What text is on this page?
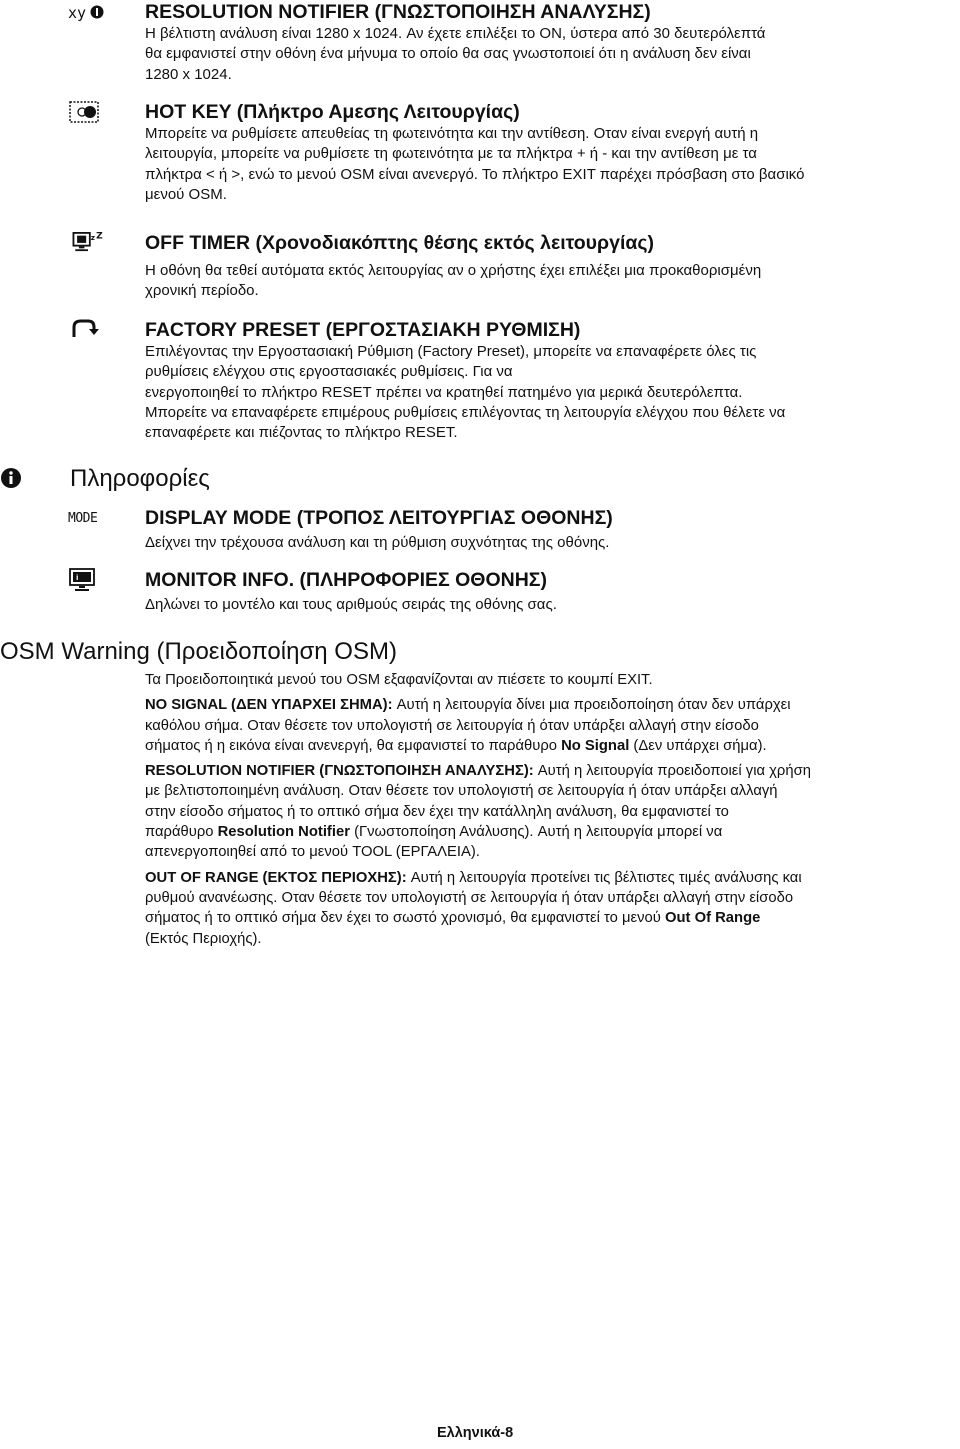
xy	RESOLUTION NOTIFIER (ΓΝΩΣΤΟΠΟΙΗΣΗ ΑΝΑΛΥΣΗΣ)

Η βέλτιστη ανάλυση είναι 1280 x 1024. Αν έχετε επιλέξει το ON, ύστερα από 30 δευτερόλεπτά

θα εμφανιστεί στην οθόνη ένα μήνυμα το οποίο θα σας γνωστοποιεί ότι η ανάλυση δεν είναι

1280 x 1024.

HOT KEY (Πλήκτρο Αμεσης Λειτουργίας)

Μπορείτε να ρυθμίσετε απευθείας τη φωτεινότητα και την αντίθεση. Οταν είναι ενεργή αυτή η

λειτουργία, μπορείτε να ρυθμίσετε τη φωτεινότητα με τα πλήκτρα + ή - και την αντίθεση με τα

πλήκτρα < ή >, ενώ το μενού OSM είναι ανενεργό. Το πλήκτρο EXIT παρέχει πρόσβαση στο βασικό

μενού OSM.

z Z OFF TIMER (Χρονοδιακόπτης θέσης εκτός λειτουργίας)

Η οθόνη θα τεθεί αυτόματα εκτός λειτουργίας αν ο χρήστης έχει επιλέξει μια προκαθορισμένη

χρονική περίοδο.

FACTORY PRESET (ΕΡΓΟΣΤΑΣΙΑΚΗ ΡΥΘΜΙΣΗ)

Επιλέγοντας την Εργοστασιακή Ρύθμιση (Factory Preset), μπορείτε να επαναφέρετε όλες τις

ρυθμίσεις ελέγχου στις εργοστασιακές ρυθμίσεις. Για να

ενεργοποιηθεί το πλήκτρο RESET πρέπει να κρατηθεί πατημένο για μερικά δευτερόλεπτα.

Μπορείτε να επαναφέρετε επιμέρους ρυθμίσεις επιλέγοντας τη λειτουργία ελέγχου που θέλετε να

επαναφέρετε και πιέζοντας το πλήκτρο RESET.

Πληροφορίες
MODE DISPLAY MODE (ΤΡΟΠΟΣ ΛΕΙΤΟΥΡΓΙΑΣ ΟΘΟΝΗΣ)

Δείχνει την τρέχουσα ανάλυση και τη ρύθμιση συχνότητας της οθόνης.

i	MONITOR INFO. (ΠΛΗΡΟΦΟΡΙΕΣ ΟΘΟΝΗΣ)

Δηλώνει το μοντέλο και τους αριθμούς σειράς της οθόνης σας.

OSM Warning (Προειδοποίηση OSM)

Τα Προειδοποιητικά μενού του OSM εξαφανίζονται αν πιέσετε το κουμπί EXIT.

NO SIGNAL (ΔΕΝ ΥΠΑΡΧΕΙ ΣΗΜΑ): Αυτή η λειτουργία δίνει μια προειδοποίηση όταν δεν υπάρχει

καθόλου σήμα. Οταν θέσετε τον υπολογιστή σε λειτουργία ή όταν υπάρξει αλλαγή στην είσοδο

σήματος ή η εικόνα είναι ανενεργή, θα εμφανιστεί το παράθυρο No Signal (Δεν υπάρχει σήμα).

RESOLUTION NOTIFIER (ΓΝΩΣΤΟΠΟΙΗΣΗ ΑΝΑΛΥΣΗΣ): Αυτή η λειτουργία προειδοποιεί για χρήση

με βελτιστοποιημένη ανάλυση. Οταν θέσετε τον υπολογιστή σε λειτουργία ή όταν υπάρξει αλλαγή

στην είσοδο σήματος ή το οπτικό σήμα δεν έχει την κατάλληλη ανάλυση, θα εμφανιστεί το

παράθυρο Resolution Notifier (Γνωστοποίηση Ανάλυσης). Αυτή η λειτουργία μπορεί να

απενεργοποιηθεί από το μενού TOOL (ΕΡΓΑΛΕΙΑ).

OUT OF RANGE (ΕΚΤΟΣ ΠΕΡΙΟΧΗΣ): Αυτή η λειτουργία προτείνει τις βέλτιστες τιμές ανάλυσης και

ρυθμού ανανέωσης. Οταν θέσετε τον υπολογιστή σε λειτουργία ή όταν υπάρξει αλλαγή στην είσοδο

σήματος ή το οπτικό σήμα δεν έχει το σωστό χρονισμό, θα εμφανιστεί το μενού Out Of Range

(Εκτός Περιοχής).

Ελληνικά-8
